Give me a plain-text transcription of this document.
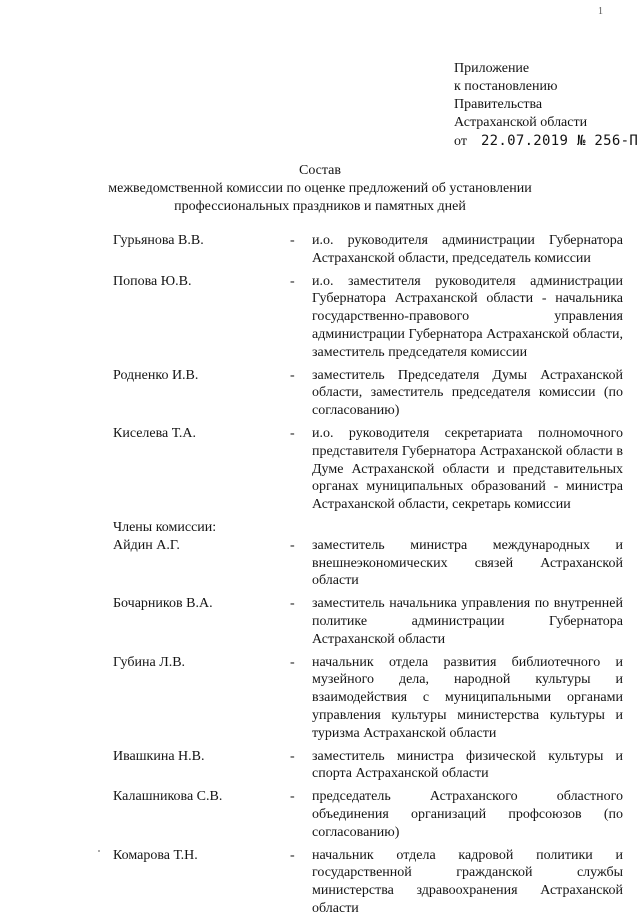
1
Приложение
к постановлению
Правительства
Астраханской области
от 22.07.2019 № 256-П
Состав
межведомственной комиссии по оценке предложений об установлении
профессиональных праздников и памятных дней
Гурьянова В.В.	-	и.о. руководителя администрации Губернатора Астраханской области, председатель комиссии
Попова Ю.В.	-	и.о. заместителя руководителя администрации Губернатора Астраханской области - начальника государственно-правового управления администрации Губернатора Астраханской области, заместитель председателя комиссии
Родненко И.В.	-	заместитель Председателя Думы Астраханской области, заместитель председателя комиссии (по согласованию)
Киселева Т.А.	-	и.о. руководителя секретариата полномочного представителя Губернатора Астраханской области в Думе Астраханской области и представительных органах муниципальных образований - министра Астраханской области, секретарь комиссии
Члены комиссии:
Айдин А.Г.	-	заместитель министра международных и внешнеэкономических связей Астраханской области
Бочарников В.А.	-	заместитель начальника управления по внутренней политике администрации Губернатора Астраханской области
Губина Л.В.	-	начальник отдела развития библиотечного и музейного дела, народной культуры и взаимодействия с муниципальными органами управления культуры министерства культуры и туризма Астраханской области
Ивашкина Н.В.	-	заместитель министра физической культуры и спорта Астраханской области
Калашникова С.В.	-	председатель Астраханского областного объединения организаций профсоюзов (по согласованию)
Комарова Т.Н.	-	начальник отдела кадровой политики и государственной гражданской службы министерства здравоохранения Астраханской области
